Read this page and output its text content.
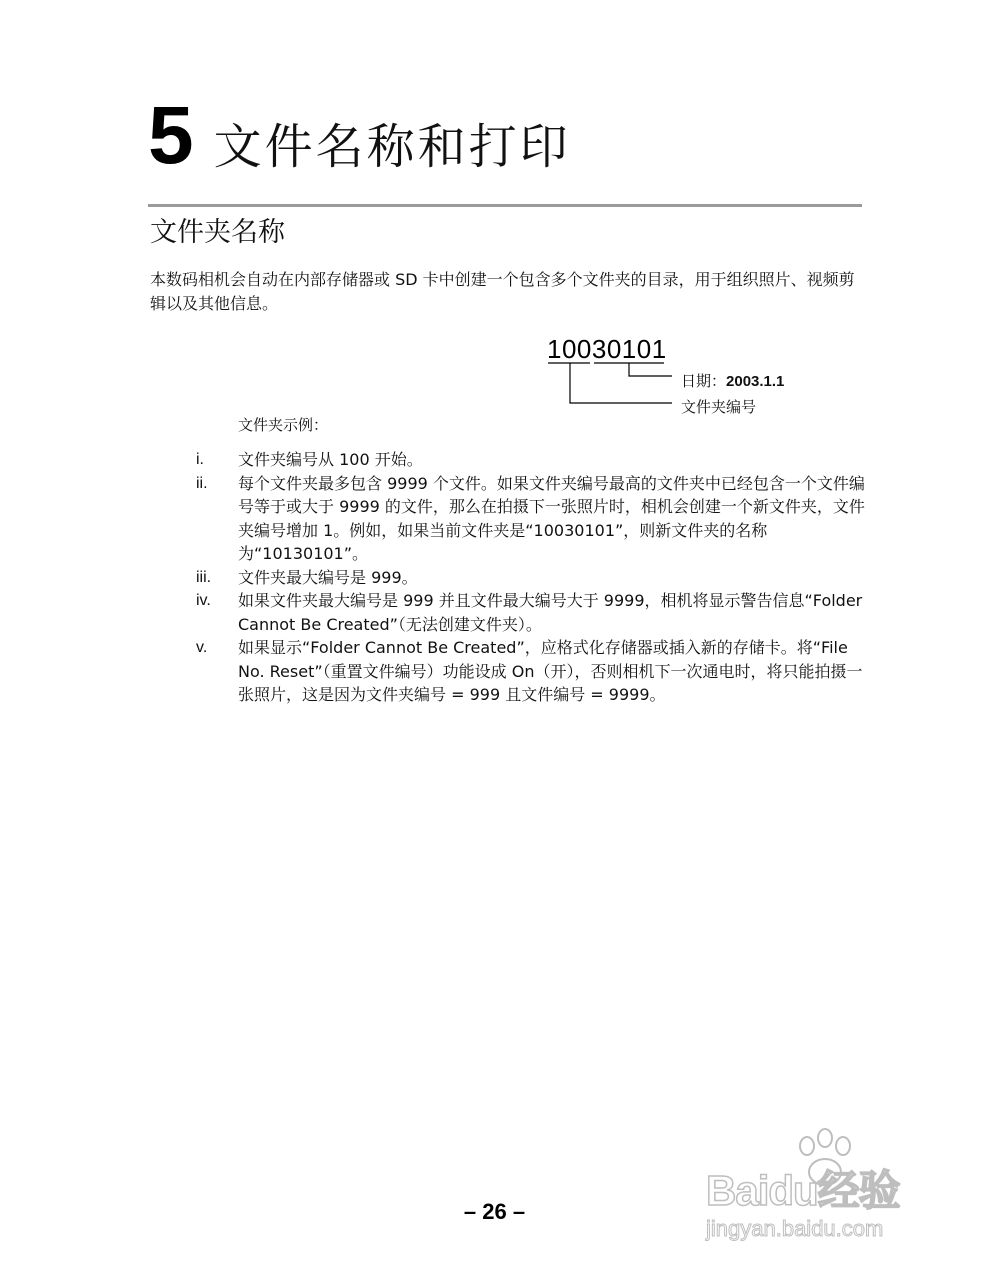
5 文件名称和打印
文件夹名称

本数码相机会自动在内部存储器或 SD 卡中创建一个包含多个文件夹的目录，用于组织照片、视频剪辑以及其他信息。

10030101
日期：2003.1.1
文件夹编号
文件夹示例：
i.	文件夹编号从 100 开始。
ii.	每个文件夹最多包含 9999 个文件。如果文件夹编号最高的文件夹中已经包含一个文件编号等于或大于 9999 的文件，那么在拍摄下一张照片时，相机会创建一个新文件夹，文件夹编号增加 1。例如，如果当前文件夹是“10030101”，则新文件夹的名称为“10130101”。
iii.	文件夹最大编号是 999。
iv.	如果文件夹最大编号是 999 并且文件最大编号大于 9999，相机将显示警告信息“Folder Cannot Be Created”（无法创建文件夹）。
v.	如果显示“Folder Cannot Be Created”，应格式化存储器或插入新的存储卡。将“File No. Reset”（重置文件编号）功能设成 On（开），否则相机下一次通电时，将只能拍摄一张照片，这是因为文件夹编号 = 999 且文件编号 = 9999。
– 26 –	Baidu经验
jingyan.baidu.com
